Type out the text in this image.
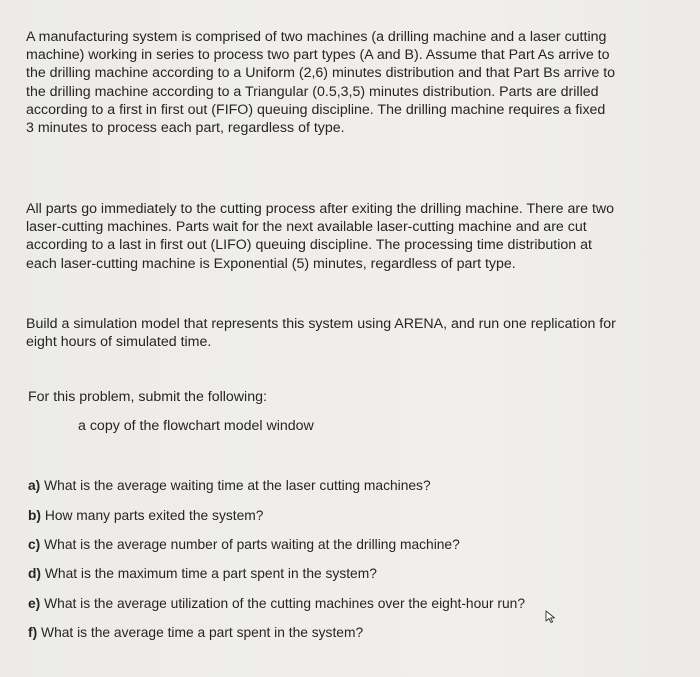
A manufacturing system is comprised of two machines (a drilling machine and a laser cutting
machine) working in series to process two part types (A and B). Assume that Part As arrive to
the drilling machine according to a Uniform (2,6) minutes distribution and that Part Bs arrive to
the drilling machine according to a Triangular (0.5,3,5) minutes distribution. Parts are drilled
according to a first in first out (FIFO) queuing discipline. The drilling machine requires a fixed
3 minutes to process each part, regardless of type.
All parts go immediately to the cutting process after exiting the drilling machine. There are two
laser-cutting machines. Parts wait for the next available laser-cutting machine and are cut
according to a last in first out (LIFO) queuing discipline. The processing time distribution at
each laser-cutting machine is Exponential (5) minutes, regardless of part type.
Build a simulation model that represents this system using ARENA, and run one replication for
eight hours of simulated time.

For this problem, submit the following:

a copy of the flowchart model window

a) What is the average waiting time at the laser cutting machines?
b) How many parts exited the system?
c) What is the average number of parts waiting at the drilling machine?
d) What is the maximum time a part spent in the system?
e) What is the average utilization of the cutting machines over the eight-hour run?
f) What is the average time a part spent in the system?
